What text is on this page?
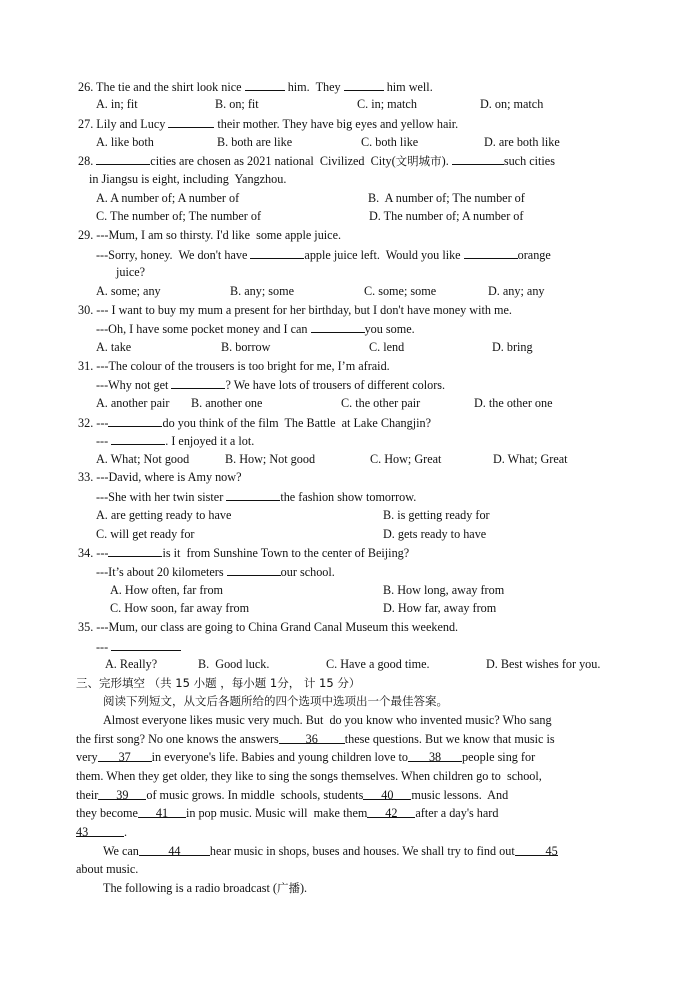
26. The tie and the shirt look nice	him.  They	him well.
A. in; fit	B. on; fit	C. in; match	D. on; match
27. Lily and Lucy	their mother. They have big eyes and yellow hair.
A. like both	B. both are like	C. both like	D. are both like
28.	cities are chosen as 2021 national  Civilized  City(文明城市).	such cities
in Jiangsu is eight, including  Yangzhou.
A. A number of; A number of	B.  A number of; The number of
C. The number of; The number of	D. The number of; A number of
29. ---Mum, I am so thirsty. I'd like  some apple juice.
---Sorry, honey.  We don't have	apple juice left.  Would you like	orange
juice?
A. some; any	B. any; some	C. some; some	D. any; any
30. --- I want to buy my mum a present for her birthday, but I don't have money with me.
---Oh, I have some pocket money and I can	you some.
A. take	B. borrow	C. lend	D. bring
31. ---The colour of the trousers is too bright for me, I’m afraid.
---Why not get	? We have lots of trousers of different colors.
A. another pair B. another one	C. the other pair	D. the other one
32. ---	do you think of the film  The Battle  at Lake Changjin?
---	. I enjoyed it a lot.
A. What; Not good	B. How; Not good	C. How; Great	D. What; Great
33. ---David, where is Amy now?
---She with her twin sister	the fashion show tomorrow.
A. are getting ready to have	B. is getting ready for
C. will get ready for	D. gets ready to have
34. ---	is it  from Sunshine Town to the center of Beijing?
---It’s about 20 kilometers	our school.
A. How often, far from	B. How long, away from
C. How soon, far away from	D. How far, away from
35. ---Mum, our class are going to China Grand Canal Museum this weekend.
---
A. Really?	B.  Good luck.	C. Have a good time.	D. Best wishes for you.
三、完形填空 （共 15 小题 ，每小题 1分， 计 15 分）
阅读下列短文，从文后各题所给的四个选项中选项出一个最佳答案。
Almost everyone likes music very much. But  do you know who invented music? Who sang
the first song? No one knows the answers 36 these questions. But we know that music is
very 37 in everyone's life. Babies and young children love to 38 people sing for
them. When they get older, they like to sing the songs themselves. When children go to  school,
their 39 of music grows. In middle  schools, students 40 music lessons.  And
they become 41 in pop music. Music will  make them 42 after a day's hard
43	.
We can 44 hear music in shops, buses and houses. We shall try to find out	45
about music.
The following is a radio broadcast (广播).
